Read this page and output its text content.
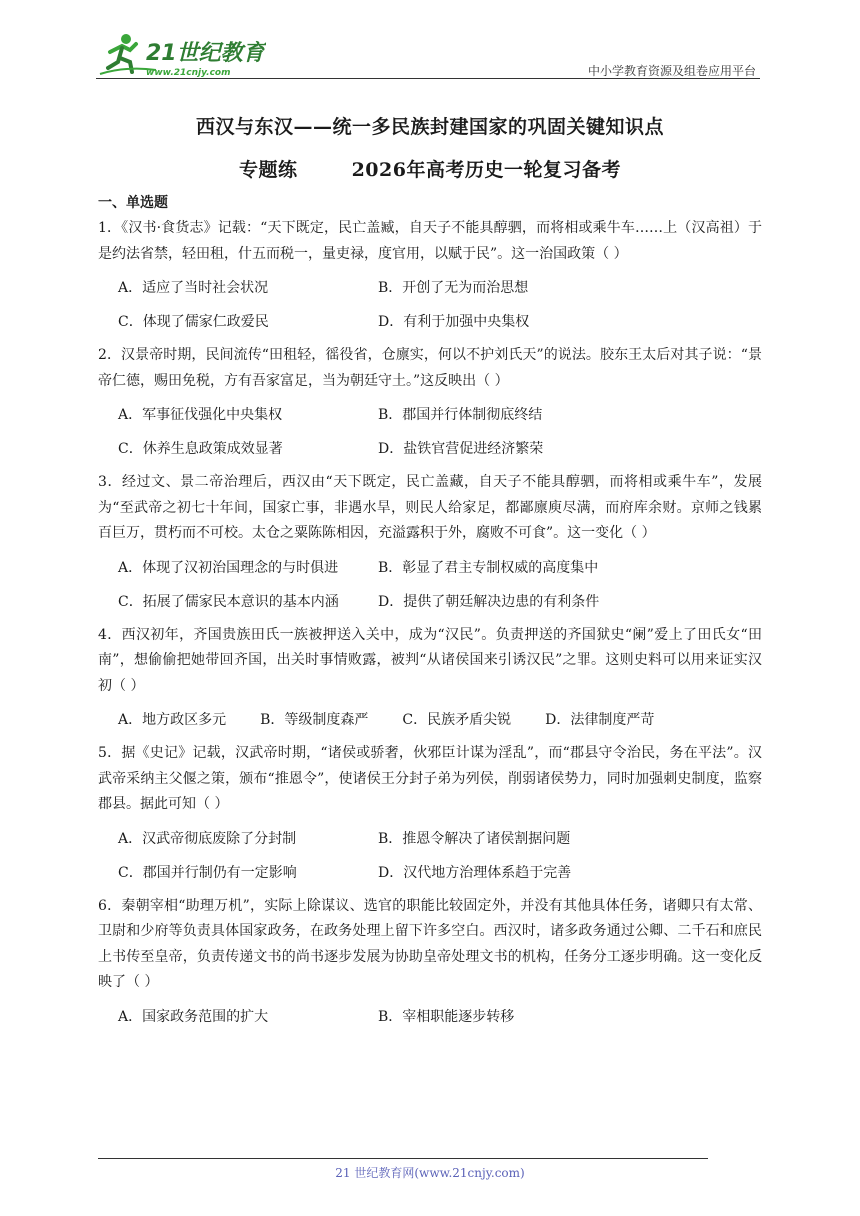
21世纪教育
www.21cnjy.com	中小学教育资源及组卷应用平台
西汉与东汉——统一多民族封建国家的巩固关键知识点
专题练	2026年高考历史一轮复习备考
一、单选题

1．《汉书·食货志》记载：“天下既定，民亡盖臧，自天子不能具醇驷，而将相或乘牛车……上（汉高祖）于是约法省禁，轻田租，什五而税一，量吏禄，度官用，以赋于民”。这一治国政策（ ）

A．适应了当时社会状况	B．开创了无为而治思想
C．体现了儒家仁政爱民	D．有利于加强中央集权

2．汉景帝时期，民间流传“田租轻，徭役省，仓廪实，何以不护刘氏天”的说法。胶东王太后对其子说：“景帝仁德，赐田免税，方有吾家富足，当为朝廷守土。”这反映出（ ）

A．军事征伐强化中央集权	B．郡国并行体制彻底终结
C．休养生息政策成效显著	D．盐铁官营促进经济繁荣

3．经过文、景二帝治理后，西汉由“天下既定，民亡盖藏，自天子不能具醇驷，而将相或乘牛车”，发展为“至武帝之初七十年间，国家亡事，非遇水旱，则民人给家足，都鄙廪庾尽满，而府库余财。京师之钱累百巨万，贯朽而不可校。太仓之粟陈陈相因，充溢露积于外，腐败不可食”。这一变化（ ）

A．体现了汉初治国理念的与时俱进	B．彰显了君主专制权威的高度集中
C．拓展了儒家民本意识的基本内涵	D．提供了朝廷解决边患的有利条件

4．西汉初年，齐国贵族田氏一族被押送入关中，成为“汉民”。负责押送的齐国狱史“阑”爱上了田氏女“田南”，想偷偷把她带回齐国，出关时事情败露，被判“从诸侯国来引诱汉民”之罪。这则史料可以用来证实汉初（ ）

A．地方政区多元 B．等级制度森严 C．民族矛盾尖锐 D．法律制度严苛

5．据《史记》记载，汉武帝时期，“诸侯或骄奢，伙邪臣计谋为淫乱”，而“郡县守令治民，务在平法”。汉武帝采纳主父偃之策，颁布“推恩令”，使诸侯王分封子弟为列侯，削弱诸侯势力，同时加强刺史制度，监察郡县。据此可知（ ）

A．汉武帝彻底废除了分封制	B．推恩令解决了诸侯割据问题
C．郡国并行制仍有一定影响	D．汉代地方治理体系趋于完善

6．秦朝宰相“助理万机”，实际上除谋议、选官的职能比较固定外，并没有其他具体任务，诸卿只有太常、卫尉和少府等负责具体国家政务，在政务处理上留下许多空白。西汉时，诸多政务通过公卿、二千石和庶民上书传至皇帝，负责传递文书的尚书逐步发展为协助皇帝处理文书的机构，任务分工逐步明确。这一变化反映了（ ）

A．国家政务范围的扩大	B．宰相职能逐步转移
21 世纪教育网(www.21cnjy.com)
